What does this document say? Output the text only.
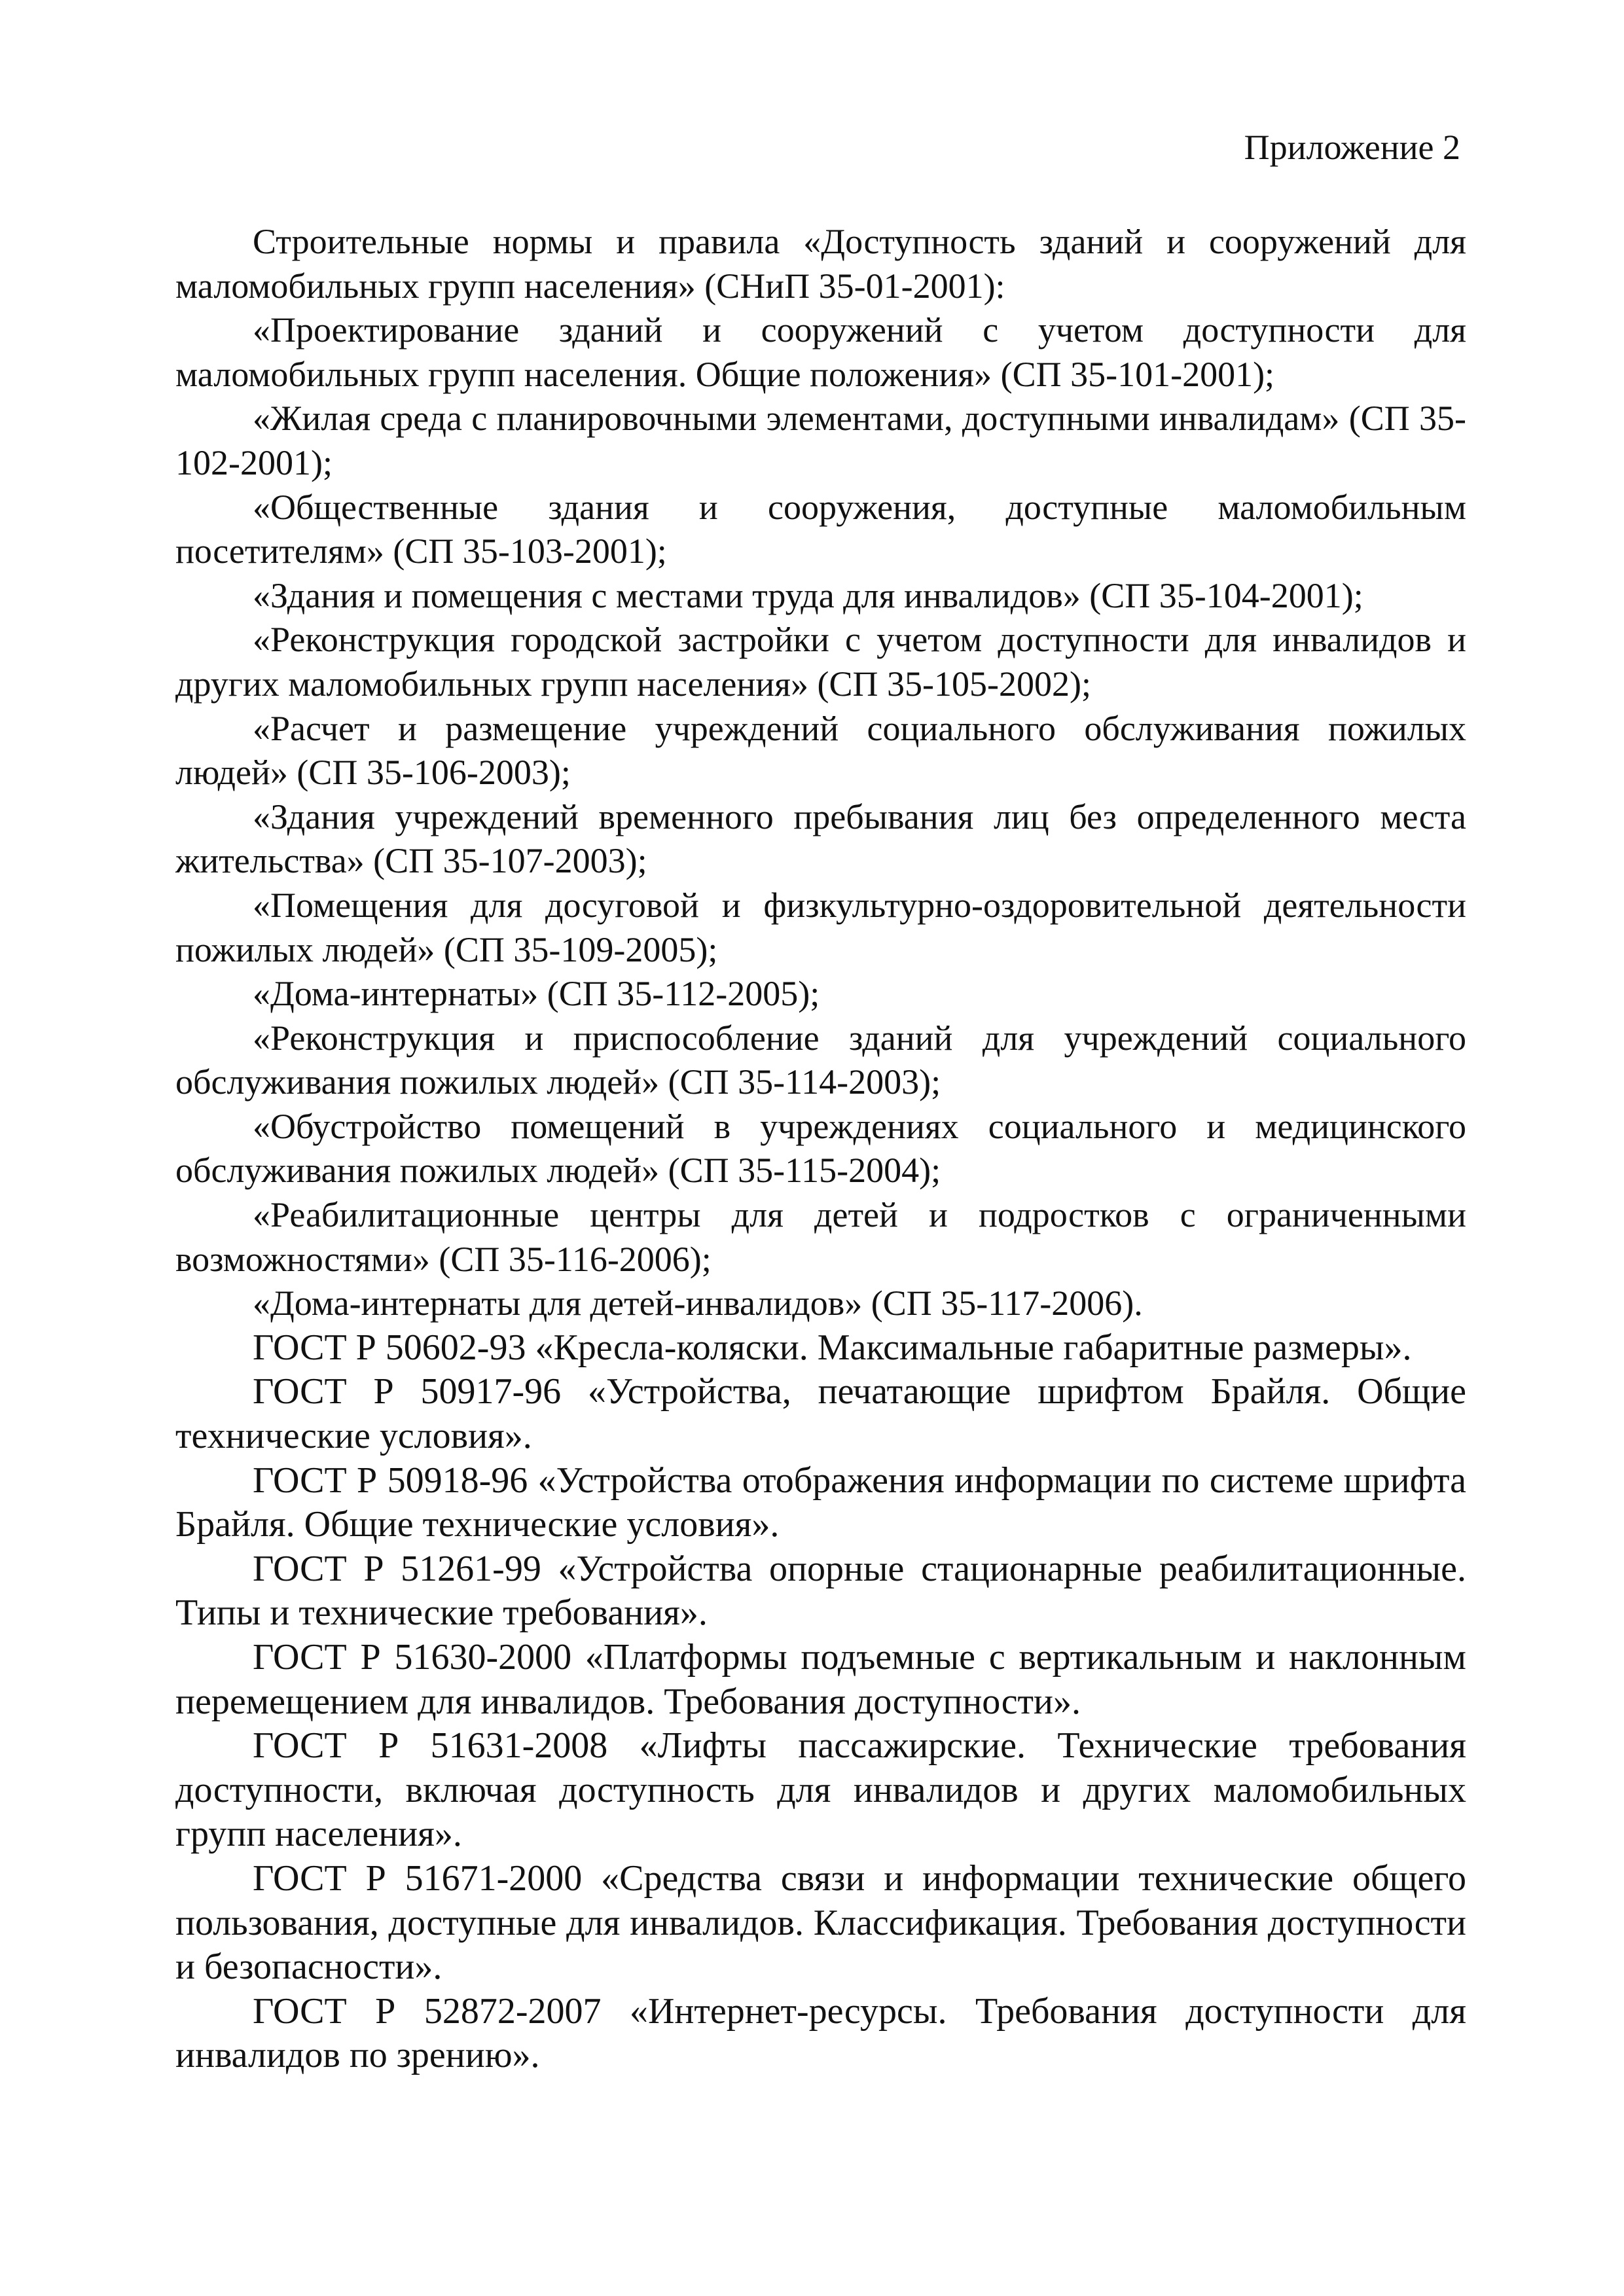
Приложение 2

Строительные нормы и правила «Доступность зданий и сооружений для маломобильных групп населения» (СНиП 35-01-2001):

«Проектирование зданий и сооружений с учетом доступности для маломобильных групп населения. Общие положения» (СП 35-101-2001);

«Жилая среда с планировочными элементами, доступными инвалидам» (СП 35-102-2001);

«Общественные здания и сооружения, доступные маломобильным посетителям» (СП 35-103-2001);

«Здания и помещения с местами труда для инвалидов» (СП 35-104-2001);

«Реконструкция городской застройки с учетом доступности для инвалидов и других маломобильных групп населения» (СП 35-105-2002);

«Расчет и размещение учреждений социального обслуживания пожилых людей» (СП 35-106-2003);

«Здания учреждений временного пребывания лиц без определенного места жительства» (СП 35-107-2003);

«Помещения для досуговой и физкультурно-оздоровительной деятельности пожилых людей» (СП 35-109-2005);

«Дома-интернаты» (СП 35-112-2005);

«Реконструкция и приспособление зданий для учреждений социального обслуживания пожилых людей» (СП 35-114-2003);

«Обустройство помещений в учреждениях социального и медицинского обслуживания пожилых людей» (СП 35-115-2004);

«Реабилитационные центры для детей и подростков с ограниченными возможностями» (СП 35-116-2006);

«Дома-интернаты для детей-инвалидов» (СП 35-117-2006).

ГОСТ Р 50602-93 «Кресла-коляски. Максимальные габаритные размеры».

ГОСТ Р 50917-96 «Устройства, печатающие шрифтом Брайля. Общие технические условия».

ГОСТ Р 50918-96 «Устройства отображения информации по системе шрифта Брайля. Общие технические условия».

ГОСТ Р 51261-99 «Устройства опорные стационарные реабилитационные. Типы и технические требования».

ГОСТ Р 51630-2000 «Платформы подъемные с вертикальным и наклонным перемещением для инвалидов. Требования доступности».

ГОСТ Р 51631-2008 «Лифты пассажирские. Технические требования доступности, включая доступность для инвалидов и других маломобильных групп населения».

ГОСТ Р 51671-2000 «Средства связи и информации технические общего пользования, доступные для инвалидов. Классификация. Требования доступности и безопасности».

ГОСТ Р 52872-2007 «Интернет-ресурсы. Требования доступности для инвалидов по зрению».
